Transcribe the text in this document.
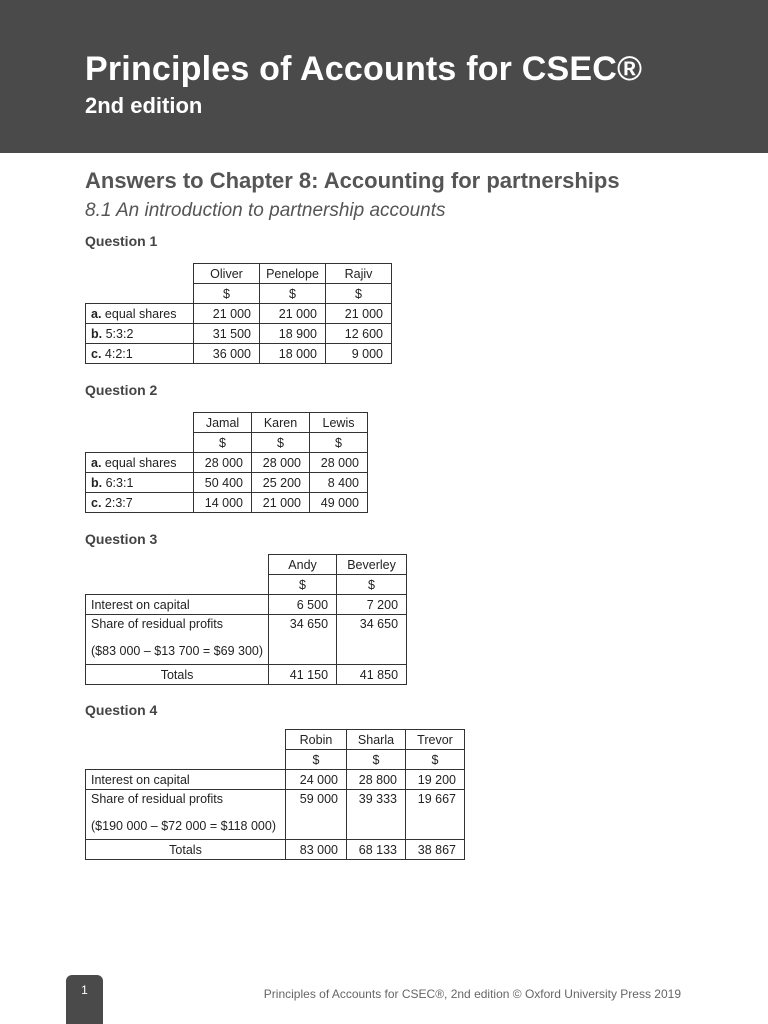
Principles of Accounts for CSEC®
2nd edition
Answers to Chapter 8: Accounting for partnerships
8.1 An introduction to partnership accounts
Question 1
	Oliver	Penelope	Rajiv
	$	$	$
a. equal shares	21 000	21 000	21 000
b. 5:3:2	31 500	18 900	12 600
c. 4:2:1	36 000	18 000	9 000
Question 2
	Jamal	Karen	Lewis
	$	$	$
a. equal shares	28 000	28 000	28 000
b. 6:3:1	50 400	25 200	8 400
c. 2:3:7	14 000	21 000	49 000
Question 3
	Andy	Beverley
	$	$
Interest on capital	6 500	7 200

Share of residual profits
($83 000 – $13 700 = $69 300)	34 650	34 650
Totals	41 150	41 850
Question 4
	Robin	Sharla	Trevor
	$	$	$
Interest on capital	24 000	28 800	19 200

Share of residual profits
($190 000 – $72 000 = $118 000)	59 000	39 333	19 667
Totals	83 000	68 133	38 867
1	Principles of Accounts for CSEC®, 2nd edition © Oxford University Press 2019
